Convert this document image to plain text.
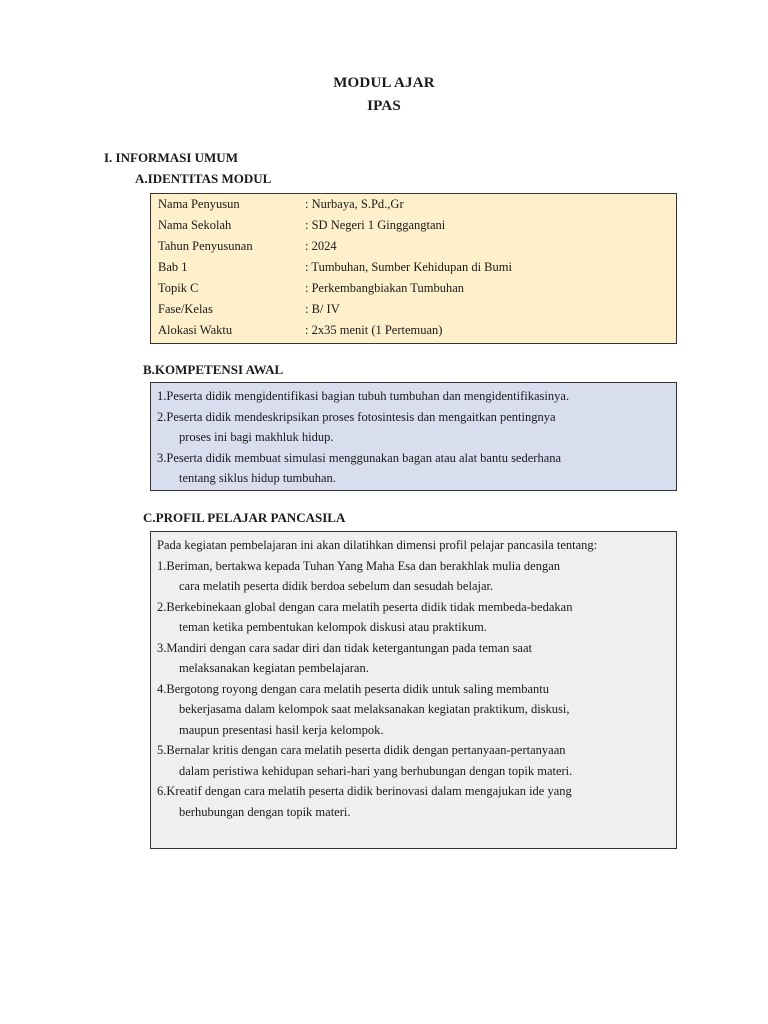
MODUL AJAR
IPAS
I. INFORMASI UMUM
A.IDENTITAS MODUL
Nama Penyusun	: Nurbaya, S.Pd.,Gr
Nama Sekolah	: SD Negeri 1 Ginggangtani
Tahun Penyusunan	: 2024
Bab 1	: Tumbuhan, Sumber Kehidupan di Bumi
Topik C	: Perkembangbiakan Tumbuhan
Fase/Kelas	: B/ IV
Alokasi Waktu	: 2x35 menit (1 Pertemuan)
B.KOMPETENSI AWAL
1.Peserta didik mengidentifikasi bagian tubuh tumbuhan dan mengidentifikasinya.
2.Peserta didik mendeskripsikan proses fotosintesis dan mengaitkan pentingnya
proses ini bagi makhluk hidup.
3.Peserta didik membuat simulasi menggunakan bagan atau alat bantu sederhana
tentang siklus hidup tumbuhan.
C.PROFIL PELAJAR PANCASILA
Pada kegiatan pembelajaran ini akan dilatihkan dimensi profil pelajar pancasila tentang:
1.Beriman, bertakwa kepada Tuhan Yang Maha Esa dan berakhlak mulia dengan
cara melatih peserta didik berdoa sebelum dan sesudah belajar.
2.Berkebinekaan global dengan cara melatih peserta didik tidak membeda-bedakan
teman ketika pembentukan kelompok diskusi atau praktikum.
3.Mandiri dengan cara sadar diri dan tidak ketergantungan pada teman saat
melaksanakan kegiatan pembelajaran.
4.Bergotong royong dengan cara melatih peserta didik untuk saling membantu
bekerjasama dalam kelompok saat melaksanakan kegiatan praktikum, diskusi,
maupun presentasi hasil kerja kelompok.
5.Bernalar kritis dengan cara melatih peserta didik dengan pertanyaan-pertanyaan
dalam peristiwa kehidupan sehari-hari yang berhubungan dengan topik materi.
6.Kreatif dengan cara melatih peserta didik berinovasi dalam mengajukan ide yang
berhubungan dengan topik materi.
